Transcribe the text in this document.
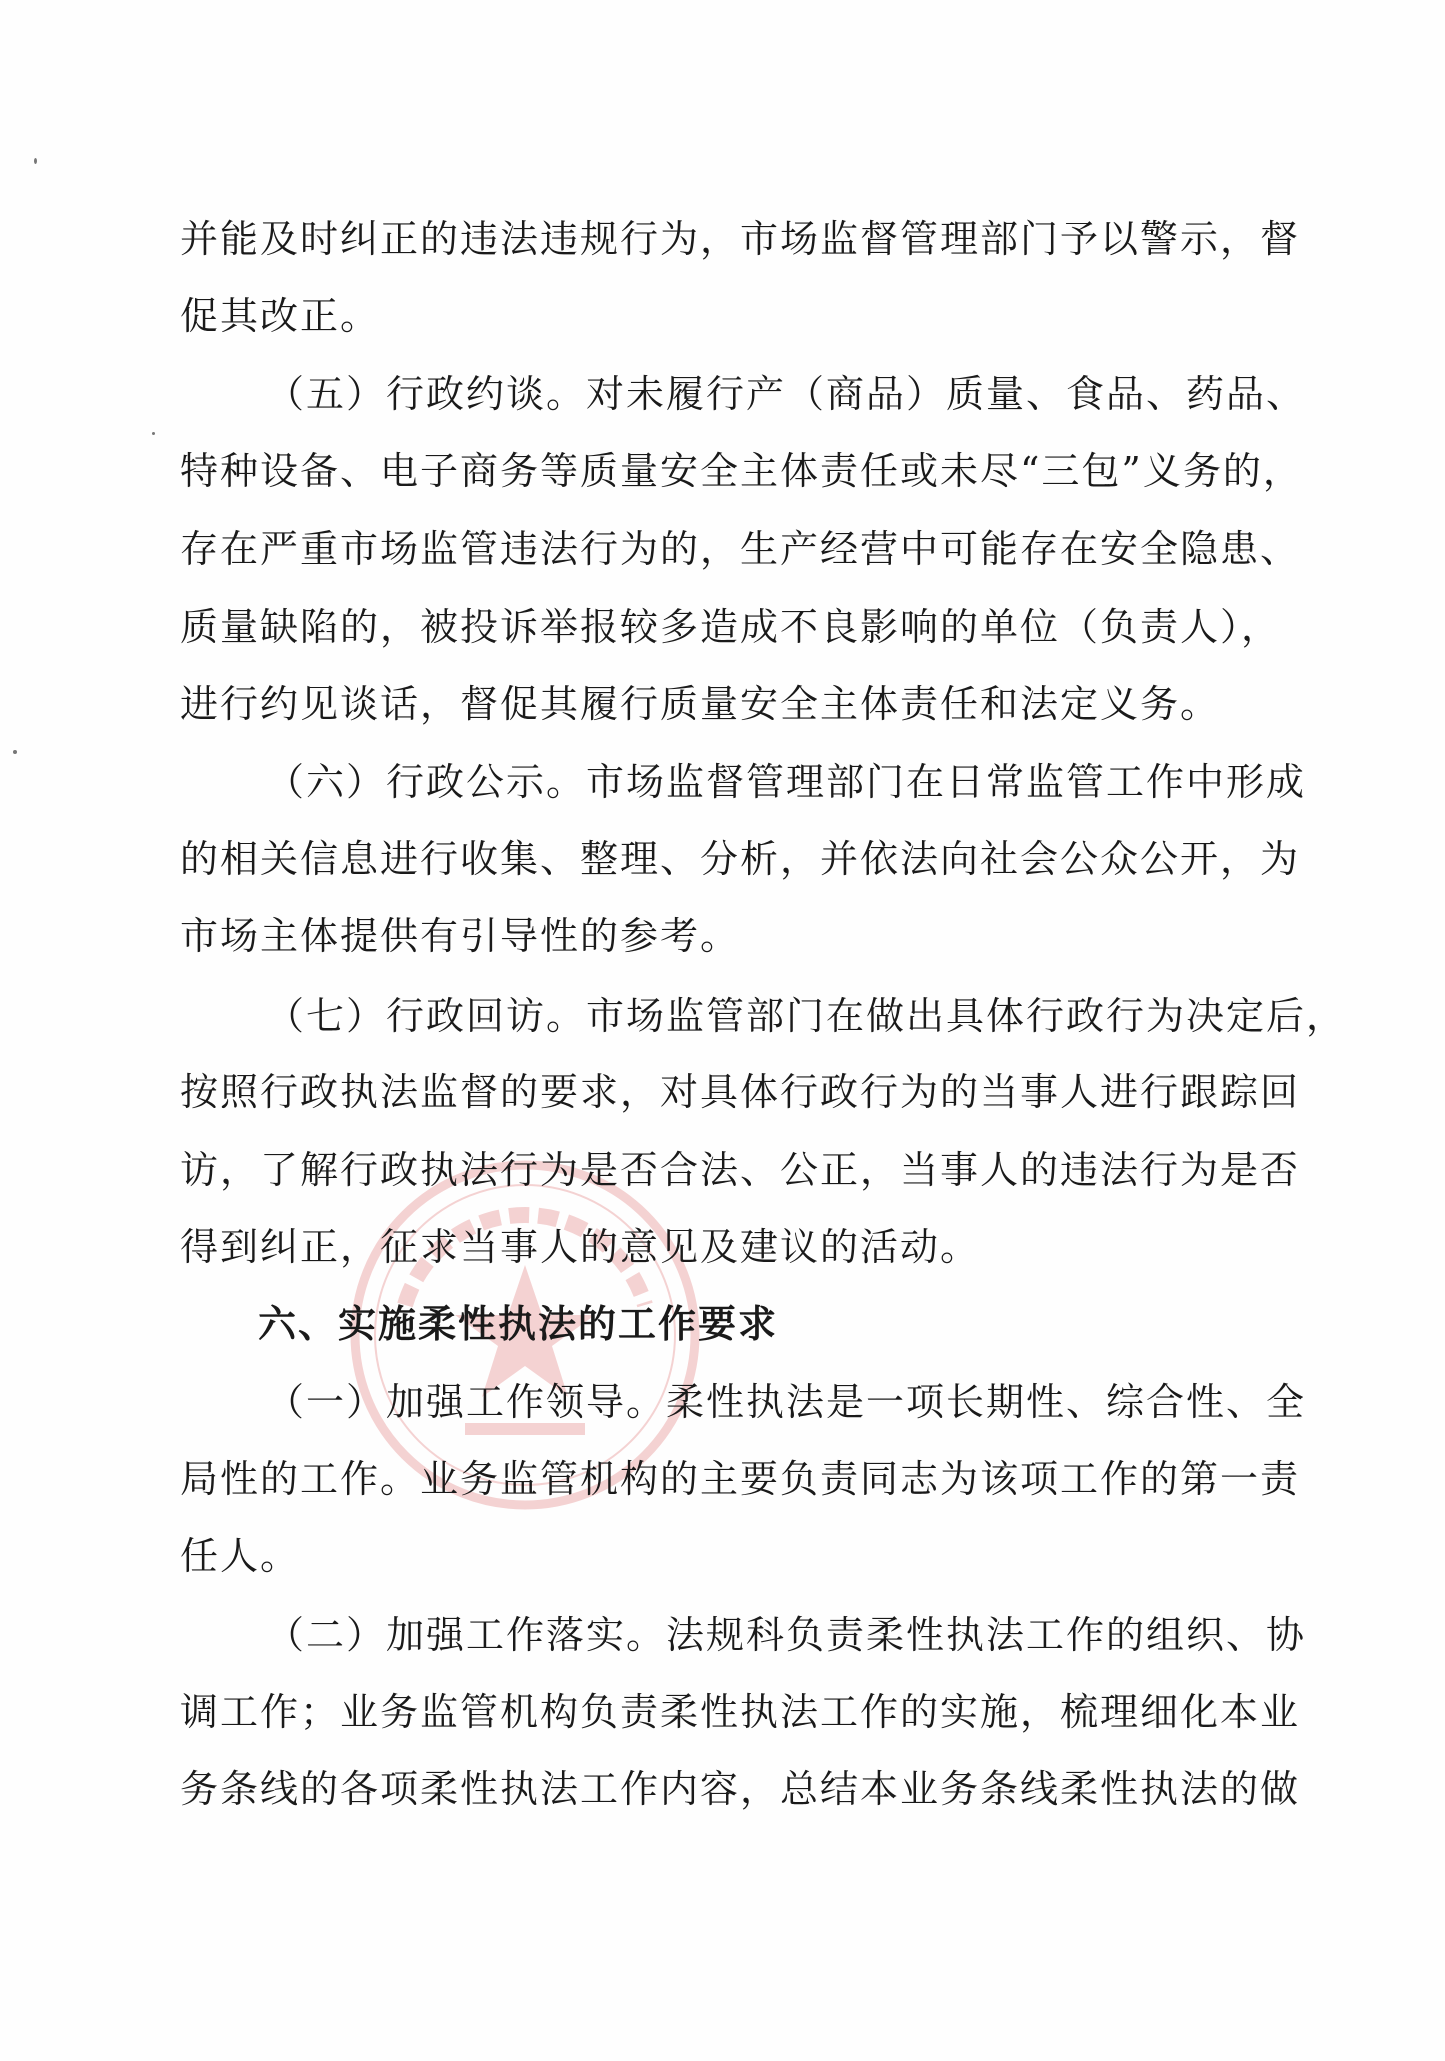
并能及时纠正的违法违规行为，市场监督管理部门予以警示，督
促其改正。
（五）行政约谈。对未履行产（商品）质量、食品、药品、
特种设备、电子商务等质量安全主体责任或未尽“三包”义务的，
存在严重市场监管违法行为的，生产经营中可能存在安全隐患、
质量缺陷的，被投诉举报较多造成不良影响的单位（负责人），
进行约见谈话，督促其履行质量安全主体责任和法定义务。
（六）行政公示。市场监督管理部门在日常监管工作中形成
的相关信息进行收集、整理、分析，并依法向社会公众公开，为
市场主体提供有引导性的参考。
（七）行政回访。市场监管部门在做出具体行政行为决定后，
按照行政执法监督的要求，对具体行政行为的当事人进行跟踪回
访，了解行政执法行为是否合法、公正，当事人的违法行为是否
得到纠正，征求当事人的意见及建议的活动。
六、实施柔性执法的工作要求
（一）加强工作领导。柔性执法是一项长期性、综合性、全
局性的工作。业务监管机构的主要负责同志为该项工作的第一责
任人。
（二）加强工作落实。法规科负责柔性执法工作的组织、协
调工作；业务监管机构负责柔性执法工作的实施，梳理细化本业
务条线的各项柔性执法工作内容，总结本业务条线柔性执法的做
